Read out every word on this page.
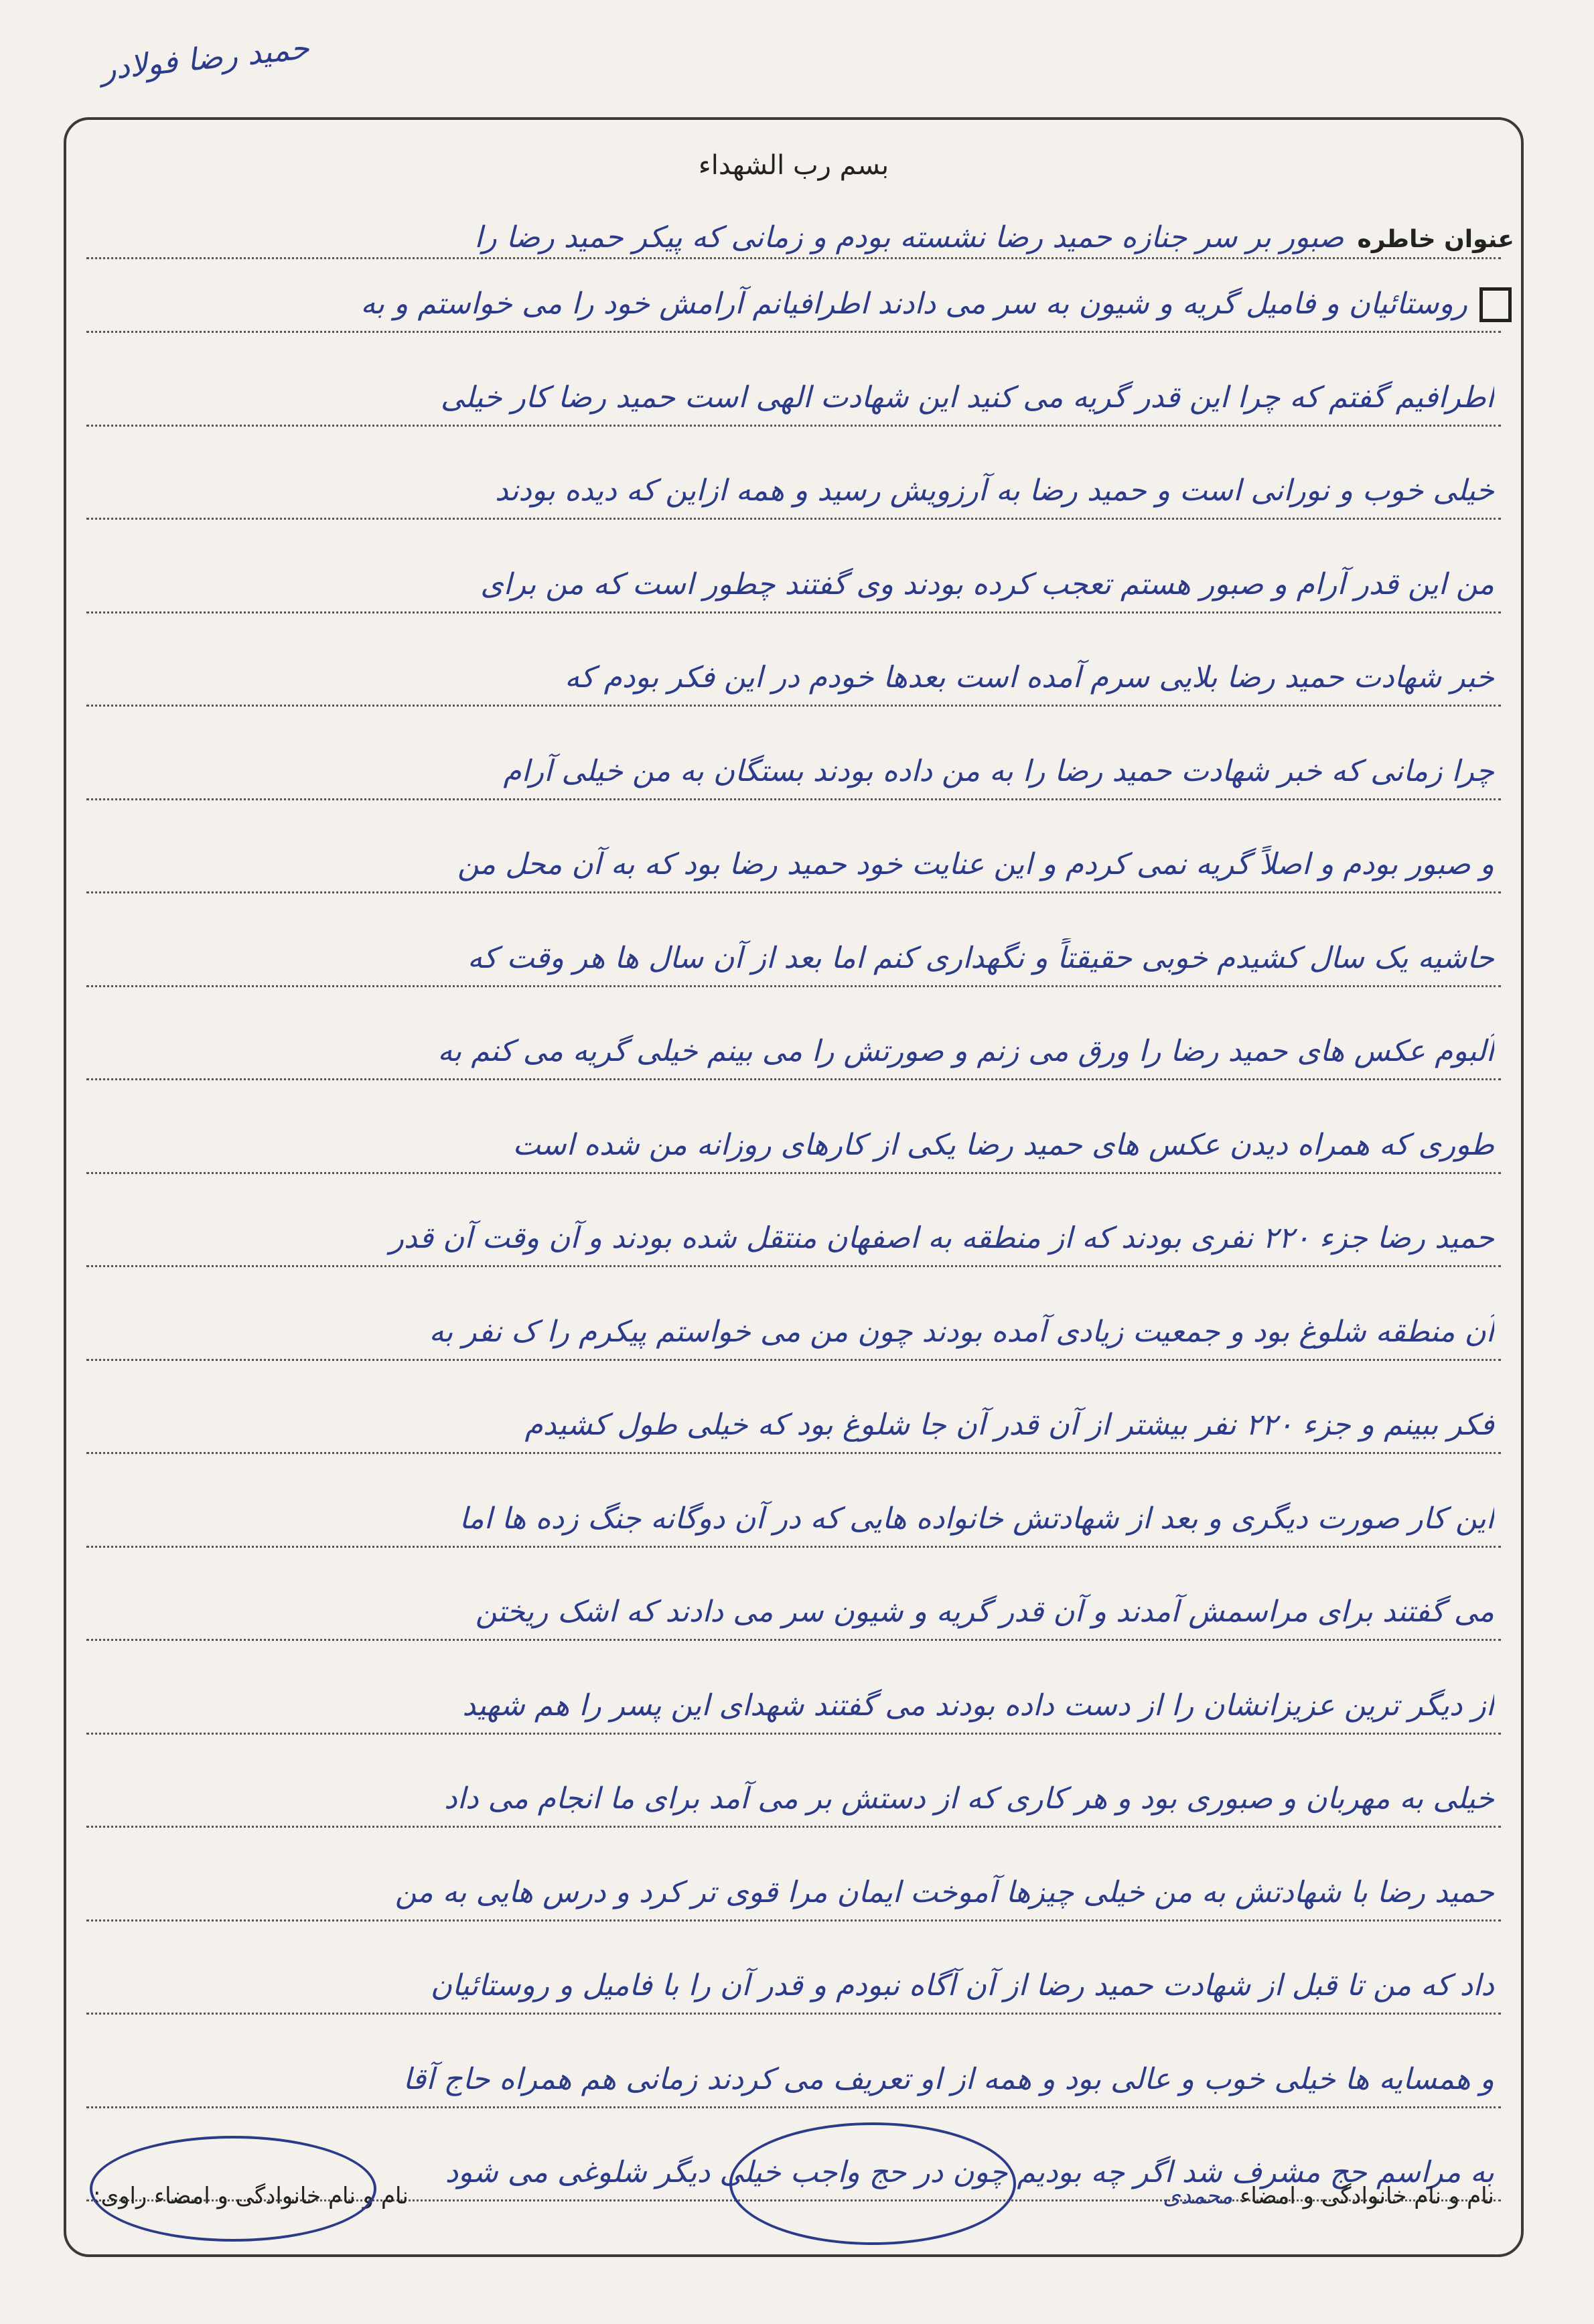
حمید رضا فولادر
بسم رب الشهداء
عنوان خاطره
صبور بر سر جنازه حمید رضا نشسته بودم و زمانی که پیکر حمید رضا را
روستائیان و فامیل گریه و شیون به سر می دادند اطرافیانم آرامش خود را می خواستم و به
اطرافیم گفتم که چرا این قدر گریه می کنید این شهادت الهی است حمید رضا کار خیلی
خیلی خوب و نورانی است و حمید رضا به آرزویش رسید و همه ازاین که دیده بودند
من این قدر آرام و صبور هستم تعجب کرده بودند وی گفتند چطور است که من برای
خبر شهادت حمید رضا بلایی سرم آمده است بعدها خودم در این فکر بودم که
چرا زمانی که خبر شهادت حمید رضا را به من داده بودند بستگان به من خیلی آرام
و صبور بودم و اصلاً گریه نمی کردم و این عنایت خود حمید رضا بود که به آن محل من
حاشیه یک سال کشیدم خوبی حقیقتاً و نگهداری کنم اما بعد از آن سال ها هر وقت که
آلبوم عکس های حمید رضا را ورق می زنم و صورتش را می بینم خیلی گریه می کنم به
طوری که همراه دیدن عکس های حمید رضا یکی از کارهای روزانه من شده است
حمید رضا جزء ۲۲۰ نفری بودند که از منطقه به اصفهان منتقل شده بودند و آن وقت آن قدر
آن منطقه شلوغ بود و جمعیت زیادی آمده بودند چون من می خواستم پیکرم را ک نفر به
فکر ببینم و جزء ۲۲۰ نفر بیشتر از آن قدر آن جا شلوغ بود که خیلی طول کشیدم
این کار صورت دیگری و بعد از شهادتش خانواده هایی که در آن دوگانه جنگ زده ها اما
می گفتند برای مراسمش آمدند و آن قدر گریه و شیون سر می دادند که اشک ریختن
از دیگر ترین عزیزانشان را از دست داده بودند می گفتند شهدای این پسر را هم شهید
خیلی به مهربان و صبوری بود و هر کاری که از دستش بر می آمد برای ما انجام می داد
حمید رضا با شهادتش به من خیلی چیزها آموخت ایمان مرا قوی تر کرد و درس هایی به من
داد که من تا قبل از شهادت حمید رضا از آن آگاه نبودم و قدر آن را با فامیل و روستائیان
و همسایه ها خیلی خوب و عالی بود و همه از او تعریف می کردند زمانی هم همراه حاج آقا
به مراسم حج مشرف شد اگر چه بودیم چون در حج واجب خیلی دیگر شلوغی می شود
نام و نام خانوادگی و امضاء محمدی
نام و نام خانوادگی و امضاء راوی:
